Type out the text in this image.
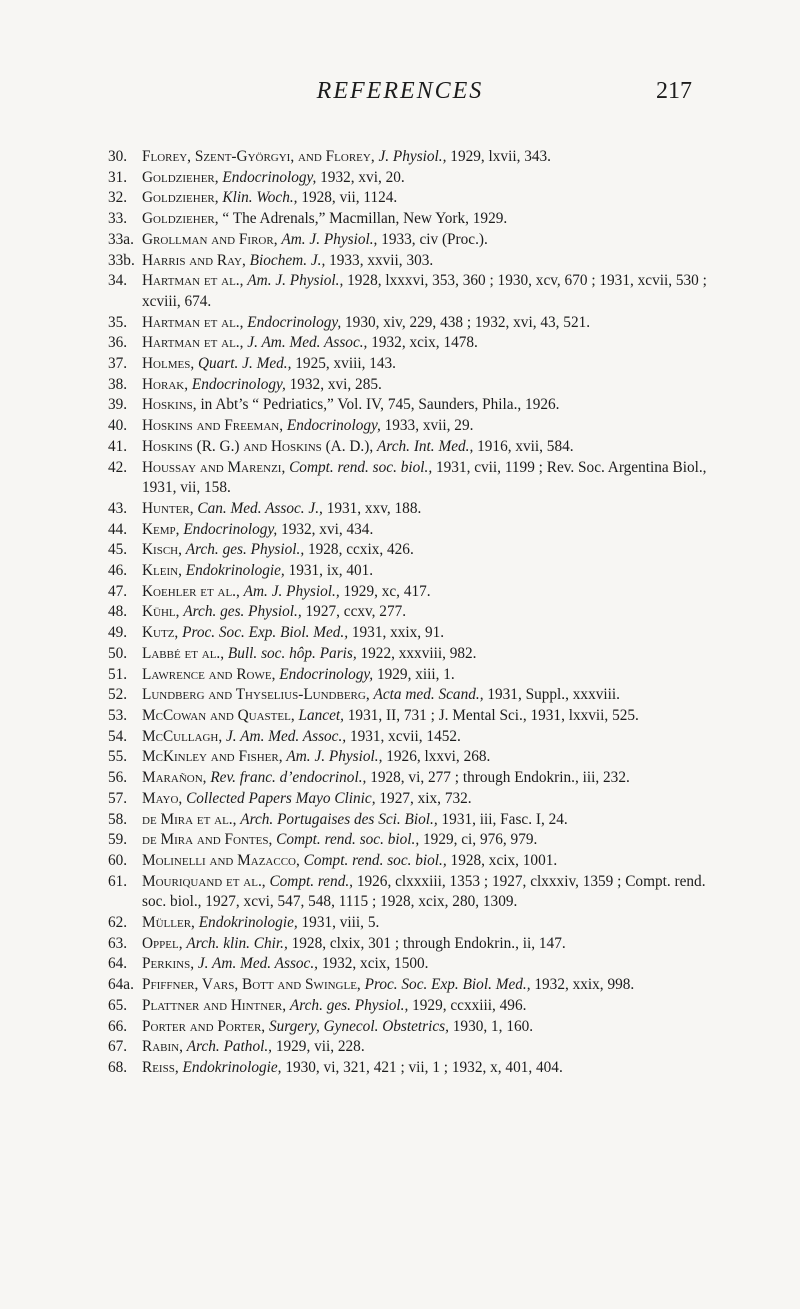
REFERENCES	217
30. Florey, Szent-Györgyi, and Florey, J. Physiol., 1929, lxvii, 343.
31. Goldzieher, Endocrinology, 1932, xvi, 20.
32. Goldzieher, Klin. Woch., 1928, vii, 1124.
33. Goldzieher, “ The Adrenals,” Macmillan, New York, 1929.
33a. Grollman and Firor, Am. J. Physiol., 1933, civ (Proc.).
33b. Harris and Ray, Biochem. J., 1933, xxvii, 303.
34. Hartman et al., Am. J. Physiol., 1928, lxxxvi, 353, 360 ; 1930, xcv, 670 ; 1931, xcvii, 530 ; xcviii, 674.
35. Hartman et al., Endocrinology, 1930, xiv, 229, 438 ; 1932, xvi, 43, 521.
36. Hartman et al., J. Am. Med. Assoc., 1932, xcix, 1478.
37. Holmes, Quart. J. Med., 1925, xviii, 143.
38. Horak, Endocrinology, 1932, xvi, 285.
39. Hoskins, in Abt’s “ Pedriatics,” Vol. IV, 745, Saunders, Phila., 1926.
40. Hoskins and Freeman, Endocrinology, 1933, xvii, 29.
41. Hoskins (R. G.) and Hoskins (A. D.), Arch. Int. Med., 1916, xvii, 584.
42. Houssay and Marenzi, Compt. rend. soc. biol., 1931, cvii, 1199 ; Rev. Soc. Argentina Biol., 1931, vii, 158.
43. Hunter, Can. Med. Assoc. J., 1931, xxv, 188.
44. Kemp, Endocrinology, 1932, xvi, 434.
45. Kisch, Arch. ges. Physiol., 1928, ccxix, 426.
46. Klein, Endokrinologie, 1931, ix, 401.
47. Koehler et al., Am. J. Physiol., 1929, xc, 417.
48. Kühl, Arch. ges. Physiol., 1927, ccxv, 277.
49. Kutz, Proc. Soc. Exp. Biol. Med., 1931, xxix, 91.
50. Labbé et al., Bull. soc. hôp. Paris, 1922, xxxviii, 982.
51. Lawrence and Rowe, Endocrinology, 1929, xiii, 1.
52. Lundberg and Thyselius-Lundberg, Acta med. Scand., 1931, Suppl., xxxviii.
53. McCowan and Quastel, Lancet, 1931, II, 731 ; J. Mental Sci., 1931, lxxvii, 525.
54. McCullagh, J. Am. Med. Assoc., 1931, xcvii, 1452.
55. McKinley and Fisher, Am. J. Physiol., 1926, lxxvi, 268.
56. Marañon, Rev. franc. d’endocrinol., 1928, vi, 277 ; through Endokrin., iii, 232.
57. Mayo, Collected Papers Mayo Clinic, 1927, xix, 732.
58. de Mira et al., Arch. Portugaises des Sci. Biol., 1931, iii, Fasc. I, 24.
59. de Mira and Fontes, Compt. rend. soc. biol., 1929, ci, 976, 979.
60. Molinelli and Mazacco, Compt. rend. soc. biol., 1928, xcix, 1001.
61. Mouriquand et al., Compt. rend., 1926, clxxxiii, 1353 ; 1927, clxxxiv, 1359 ; Compt. rend. soc. biol., 1927, xcvi, 547, 548, 1115 ; 1928, xcix, 280, 1309.
62. Müller, Endokrinologie, 1931, viii, 5.
63. Oppel, Arch. klin. Chir., 1928, clxix, 301 ; through Endokrin., ii, 147.
64. Perkins, J. Am. Med. Assoc., 1932, xcix, 1500.
64a. Pfiffner, Vars, Bott and Swingle, Proc. Soc. Exp. Biol. Med., 1932, xxix, 998.
65. Plattner and Hintner, Arch. ges. Physiol., 1929, ccxxiii, 496.
66. Porter and Porter, Surgery, Gynecol. Obstetrics, 1930, 1, 160.
67. Rabin, Arch. Pathol., 1929, vii, 228.
68. Reiss, Endokrinologie, 1930, vi, 321, 421 ; vii, 1 ; 1932, x, 401, 404.
